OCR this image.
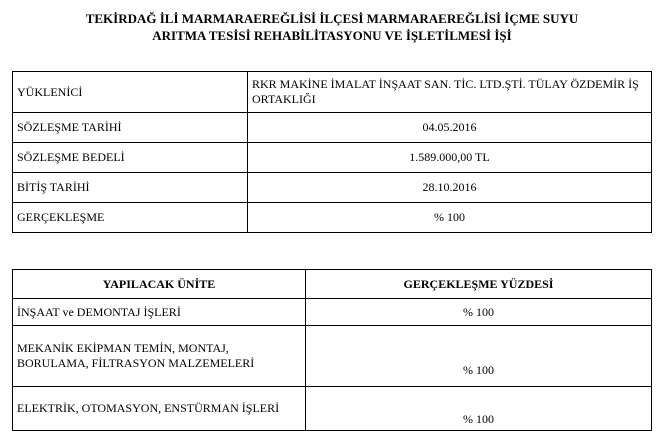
TEKİRDAĞ İLİ MARMARAEREĞLİSİ İLÇESİ MARMARAEREĞLİSİ İÇME SUYU
ARITMA TESİSİ REHABİLİTASYONU VE İŞLETİLMESİ İŞİ
YÜKLENİCİ	RKR MAKİNE İMALAT İNŞAAT SAN. TİC. LTD.ŞTİ. TÜLAY ÖZDEMİR İŞ ORTAKLIĞI
SÖZLEŞME TARİHİ	04.05.2016
SÖZLEŞME BEDELİ	1.589.000,00 TL
BİTİŞ TARİHİ	28.10.2016
GERÇEKLEŞME	% 100
YAPILACAK ÜNİTE	GERÇEKLEŞME YÜZDESİ
İNŞAAT ve DEMONTAJ İŞLERİ	% 100
MEKANİK EKİPMAN TEMİN, MONTAJ, BORULAMA, FİLTRASYON MALZEMELERİ	% 100
ELEKTRİK, OTOMASYON, ENSTÜRMAN İŞLERİ	% 100
